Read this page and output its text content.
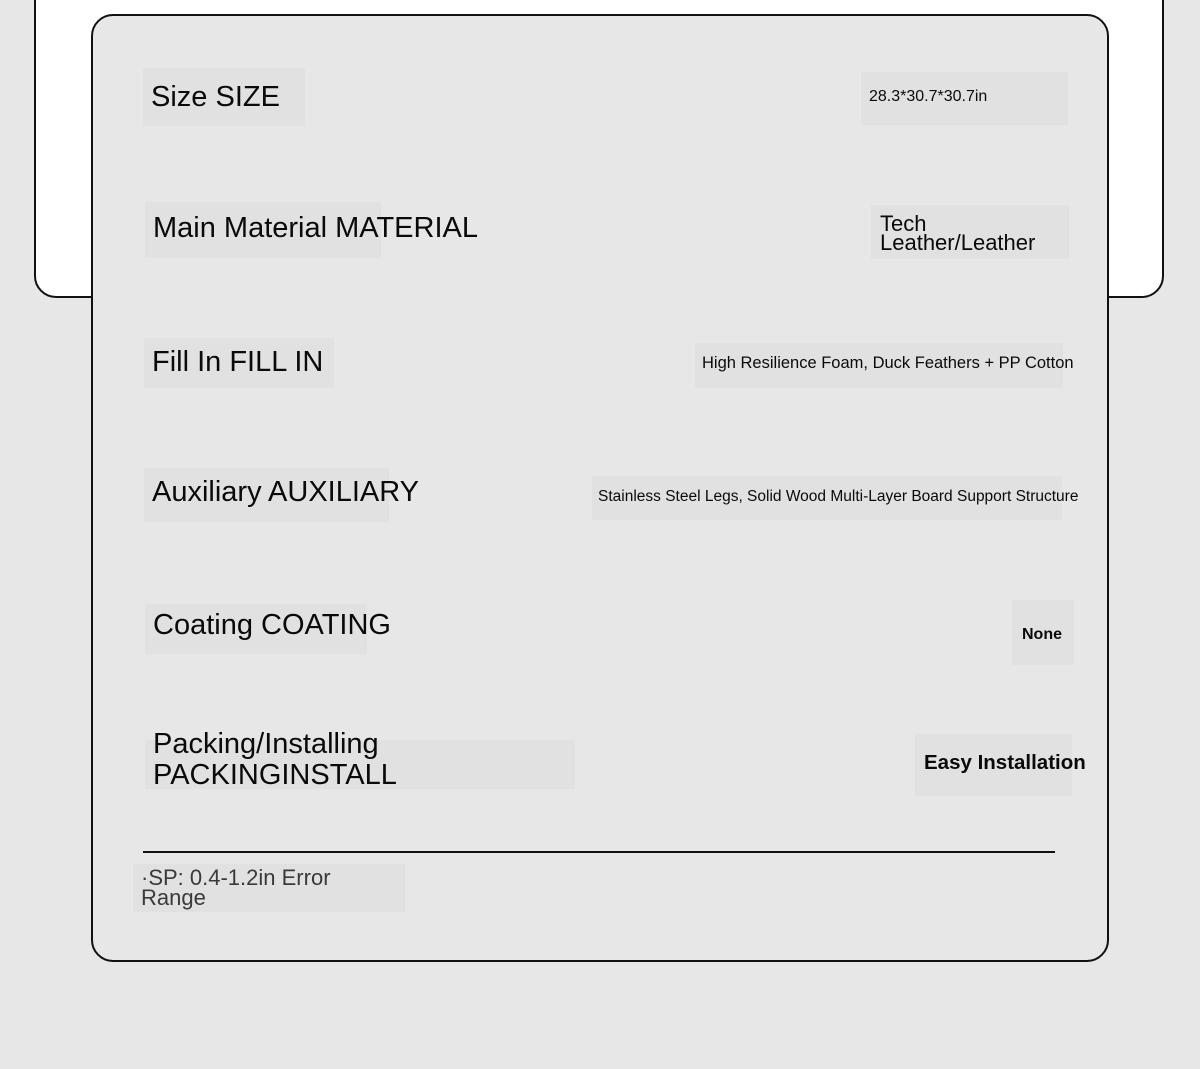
Size SIZE	28.3*30.7*30.7in
Main Material MATERIAL	Tech Leather/Leather
Fill In FILL IN	High Resilience Foam, Duck Feathers + PP Cotton
Auxiliary AUXILIARY	Stainless Steel Legs, Solid Wood Multi-Layer Board Support Structure
Coating COATING	None
Packing/Installing PACKINGINSTALL	Easy Installation
·SP: 0.4-1.2in Error Range
